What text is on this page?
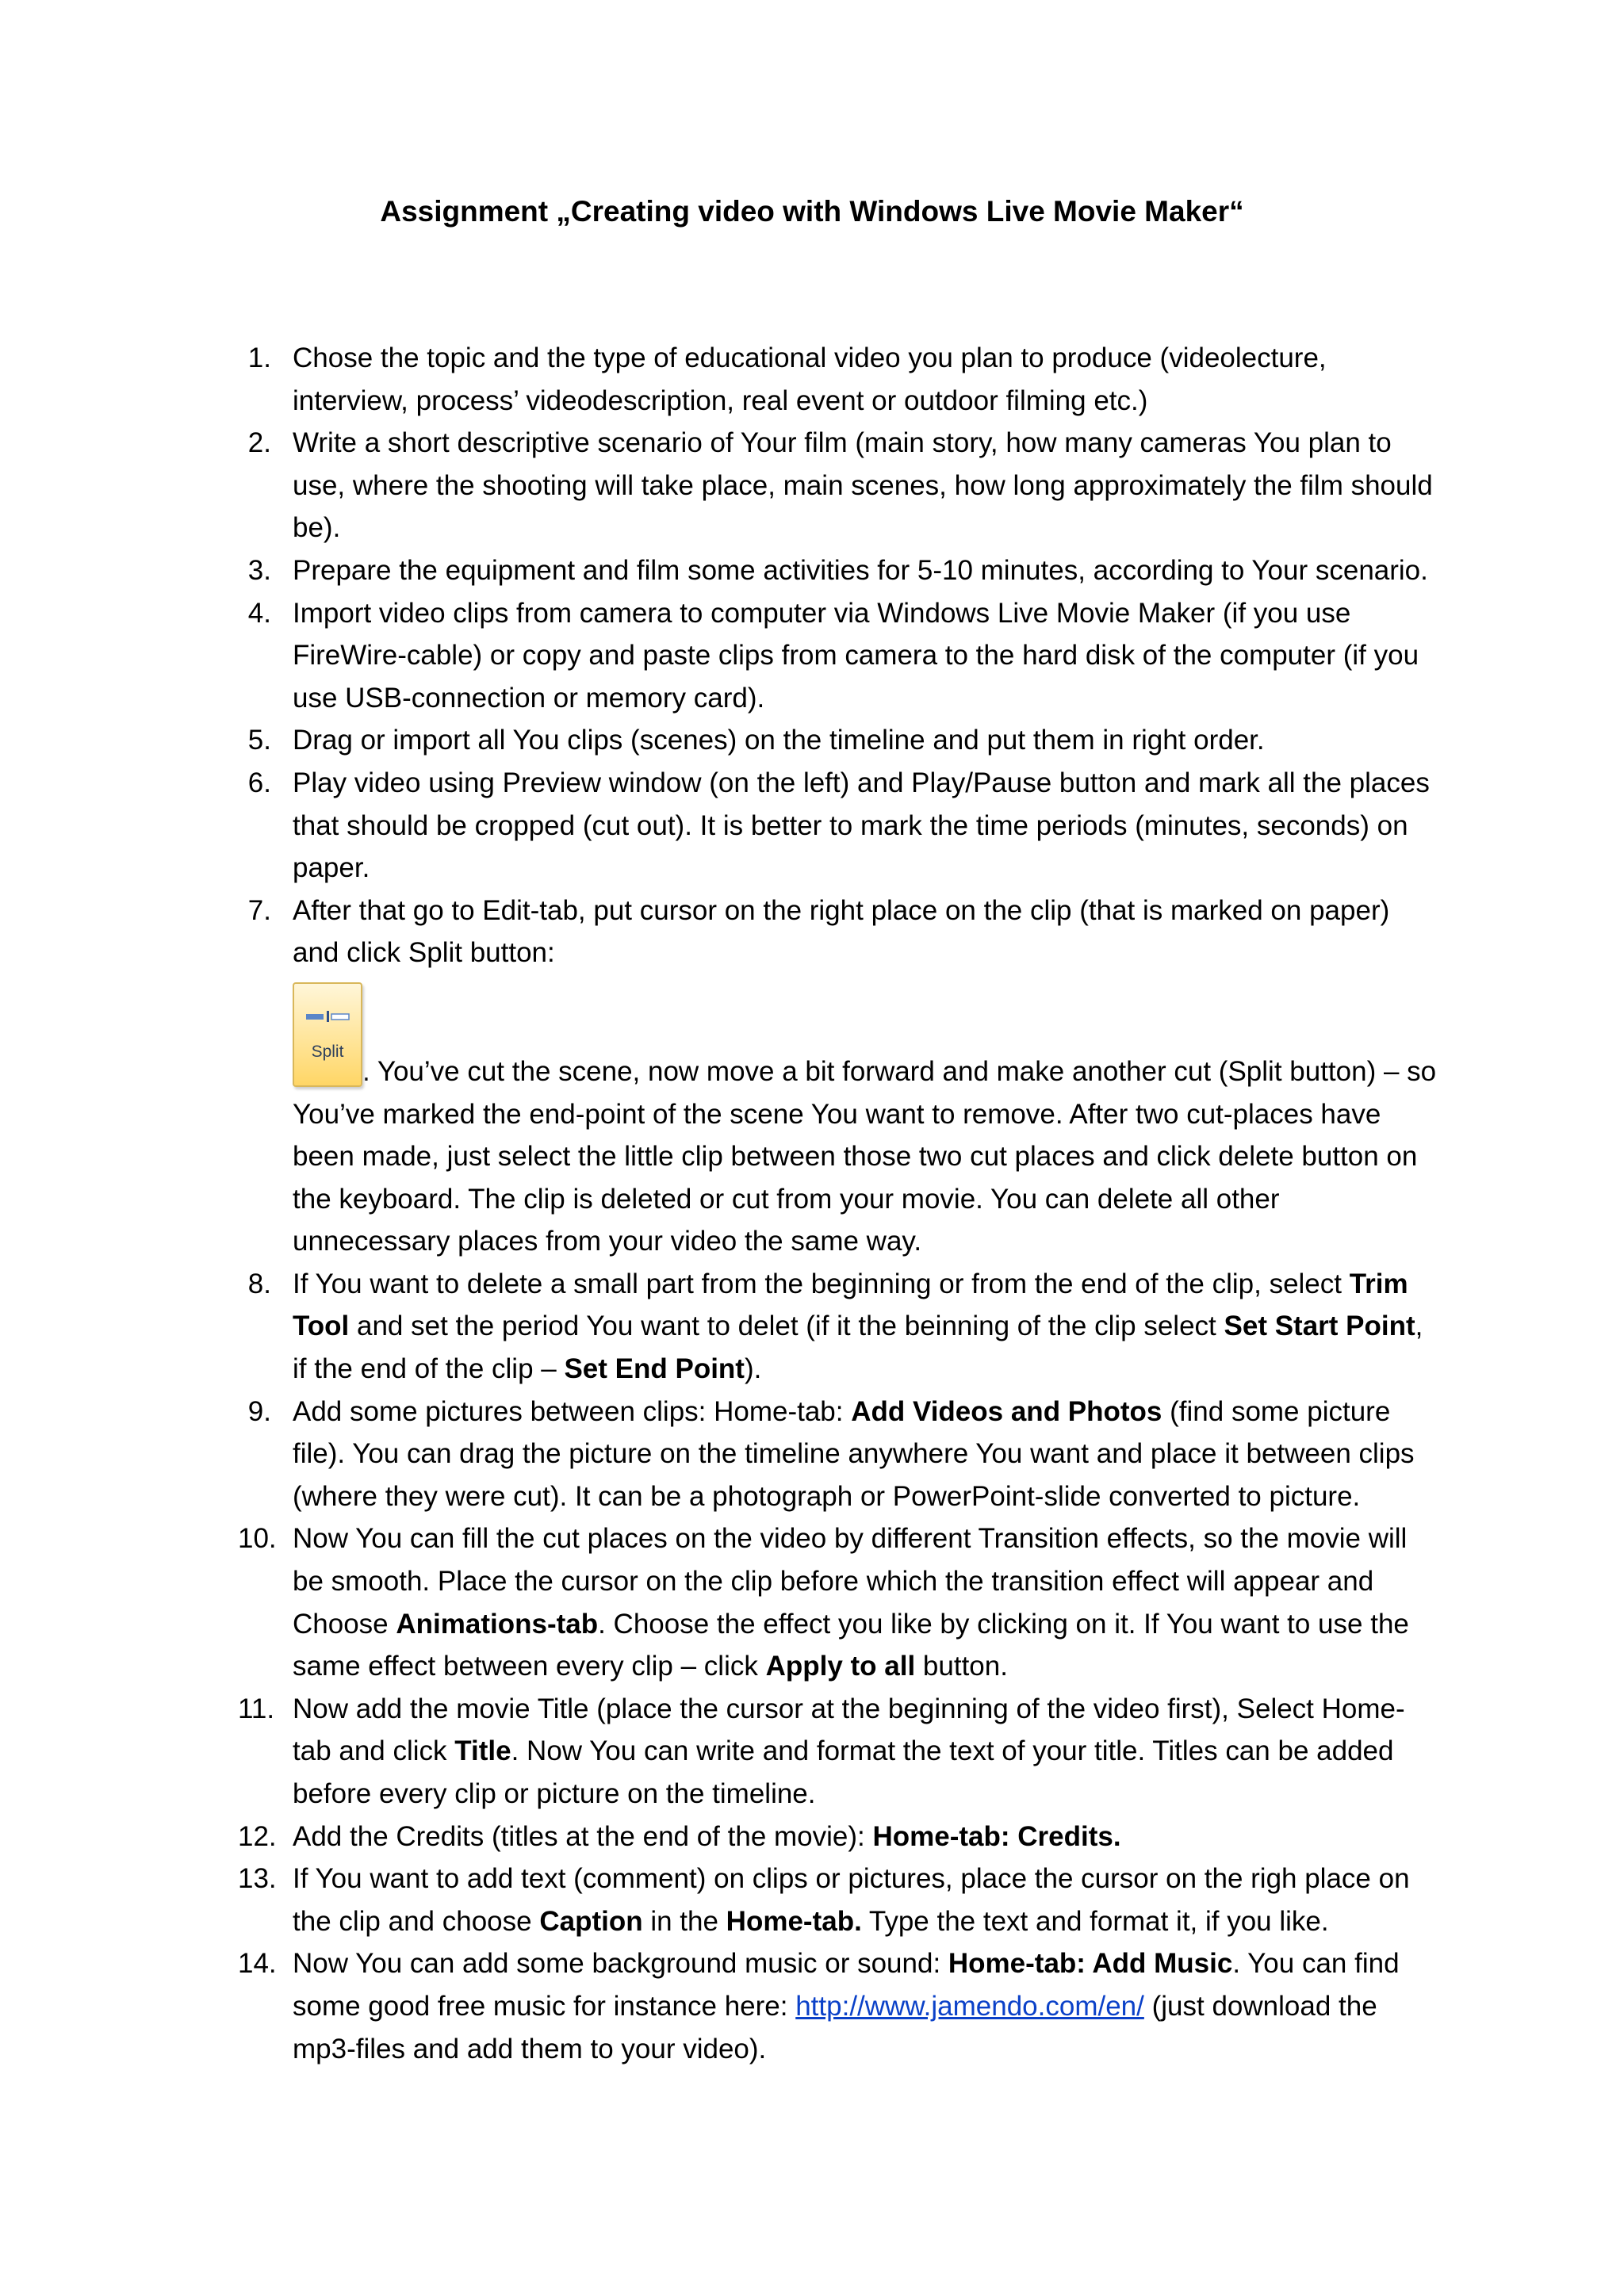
Assignment „Creating video with Windows Live Movie Maker“
1. Chose the topic and the type of educational video you plan to produce (videolecture, interview, process’ videodescription, real event or outdoor filming etc.)

2. Write a short descriptive scenario of Your film (main story, how many cameras You plan to use, where the shooting will take place, main scenes, how long approximately the film should be).

3. Prepare the equipment and film some activities for 5-10 minutes, according to Your scenario.

4. Import video clips from camera to computer via Windows Live Movie Maker (if you use FireWire-cable) or copy and paste clips from camera to the hard disk of the computer (if you use USB-connection or memory card).

5. Drag or import all You clips (scenes) on the timeline and put them in right order.

6. Play video using Preview window (on the left) and Play/Pause button and mark all the places that should be cropped (cut out). It is better to mark the time periods (minutes, seconds) on paper.

7. After that go to Edit-tab, put cursor on the right place on the clip (that is marked on paper) and click Split button:

Split
. You’ve cut the scene, now move a bit forward and make another cut (Split button) – so You’ve marked the end-point of the scene You want to remove. After two cut-places have been made, just select the little clip between those two cut places and click delete button on the keyboard. The clip is deleted or cut from your movie. You can delete all other unnecessary places from your video the same way.

8. If You want to delete a small part from the beginning or from the end of the clip, select Trim Tool and set the period You want to delet (if it the beinning of the clip select Set Start Point, if the end of the clip – Set End Point).

9. Add some pictures between clips: Home-tab: Add Videos and Photos (find some picture file). You can drag the picture on the timeline anywhere You want and place it between clips (where they were cut). It can be a photograph or PowerPoint-slide converted to picture.

10. Now You can fill the cut places on the video by different Transition effects, so the movie will be smooth. Place the cursor on the clip before which the transition effect will appear and Choose Animations-tab. Choose the effect you like by clicking on it. If You want to use the same effect between every clip – click Apply to all button.

11. Now add the movie Title (place the cursor at the beginning of the video first), Select Home-tab and click Title. Now You can write and format the text of your title. Titles can be added before every clip or picture on the timeline.

12. Add the Credits (titles at the end of the movie): Home-tab: Credits.

13. If You want to add text (comment) on clips or pictures, place the cursor on the righ place on the clip and choose Caption in the Home-tab. Type the text and format it, if you like.

14. Now You can add some background music or sound: Home-tab: Add Music. You can find some good free music for instance here: http://www.jamendo.com/en/ (just download the mp3-files and add them to your video).
